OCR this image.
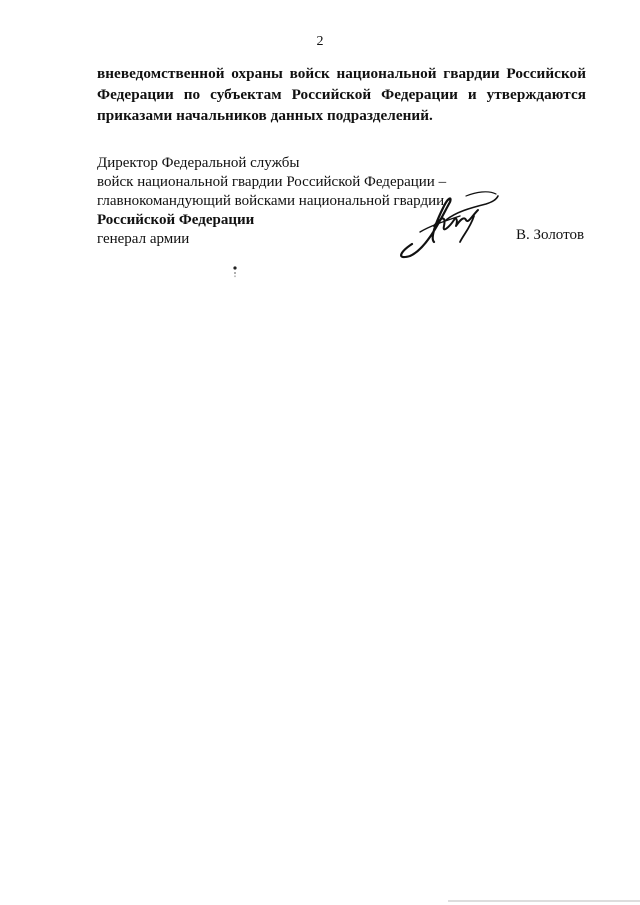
2
вневедомственной охраны войск национальной гвардии Российской
Федерации по субъектам Российской Федерации и утверждаются
приказами начальников данных подразделений.
Директор Федеральной службы
войск национальной гвардии Российской Федерации –
главнокомандующий войсками национальной гвардии
Российской Федерации
генерал армии	В. Золотов
